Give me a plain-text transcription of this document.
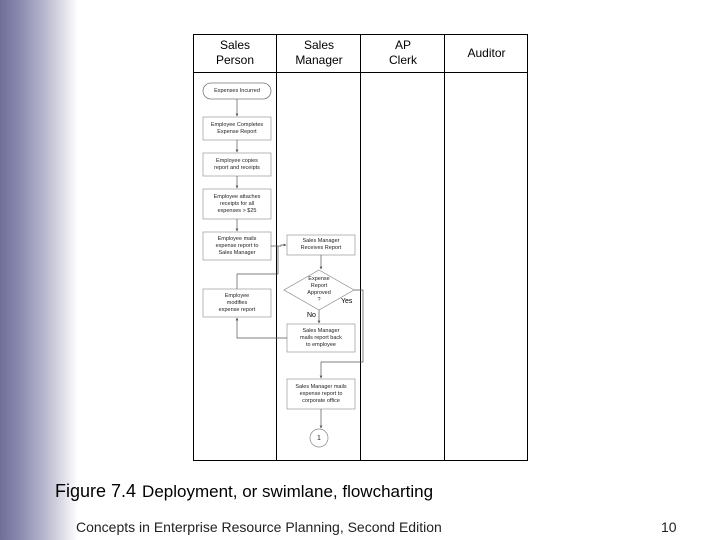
Sales
Person
Sales
Manager
AP
Clerk
Auditor
Expenses Incurred
Employee Completes
Expense Report
Employee copies
report and receipts
Employee attaches
receipts for all
expenses > $25
Employee mails
expense report to
Sales Manager
Employee
modifies
expense report
Sales Manager
Receives Report
Expense
Report
Approved
?
Sales Manager
mails report back
to employee
Sales Manager mails
expense report to
corporate office
1
Yes
No
Figure 7.4 Deployment, or swimlane, flowcharting
Concepts in Enterprise Resource Planning, Second Edition	10
